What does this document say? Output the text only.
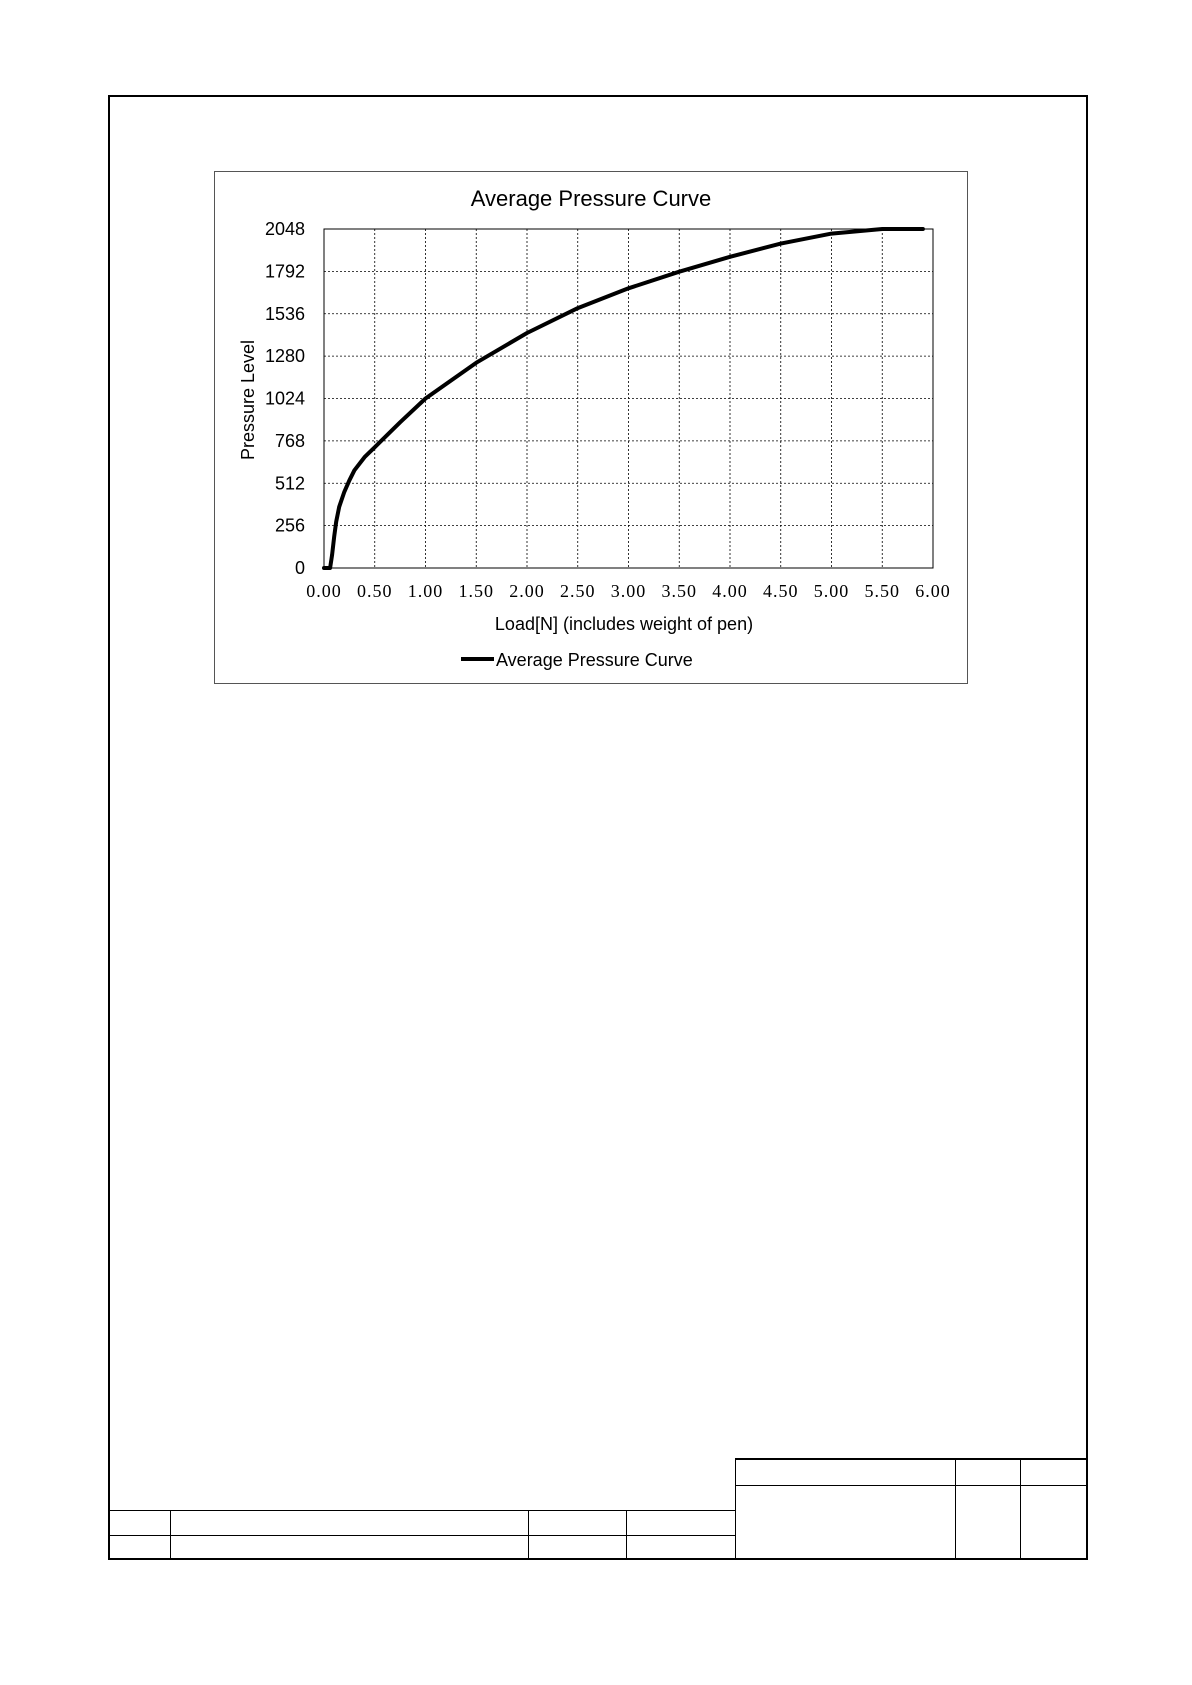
Average Pressure Curve
0
256
512
768
1024
1280
1536
1792
2048
0.00 0.50 1.00 1.50 2.00 2.50 3.00 3.50 4.00 4.50 5.00 5.50 6.00
Pressure Level
Load[N] (includes weight of pen)
Average Pressure Curve
